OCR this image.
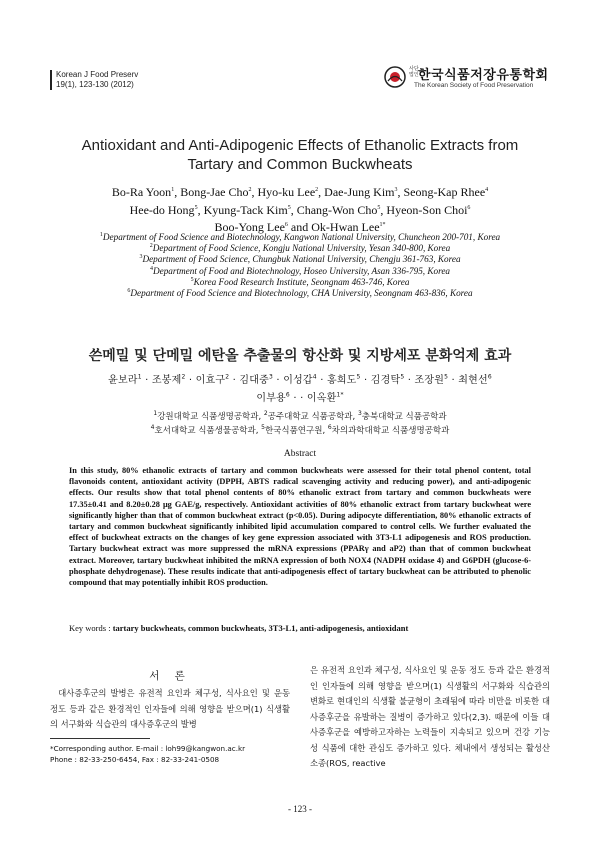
Korean J Food Preserv
19(1), 123-130 (2012)
사단법인 한국식품저장유통학회
The Korean Society of Food Preservation
Antioxidant and Anti-Adipogenic Effects of Ethanolic Extracts from
Tartary and Common Buckwheats
Bo-Ra Yoon$^1$, Bong-Jae Cho$^2$, Hyo-ku Lee$^2$, Dae-Jung Kim$^3$, Seong-Kap Rhee$^4$
Hee-do Hong$^5$, Kyung-Tack Kim$^5$, Chang-Won Cho$^5$, Hyeon-Son Choi$^6$
Boo-Yong Lee$^6$ and Ok-Hwan Lee$^{1*}$
$^1$Department of Food Science and Biotechnology, Kangwon National University, Chuncheon 200-701, Korea
$^2$Department of Food Science, Kongju National University, Yesan 340-800, Korea
$^3$Department of Food Science, Chungbuk National University, Chengju 361-763, Korea
$^4$Department of Food and Biotechnology, Hoseo University, Asan 336-795, Korea
$^5$Korea Food Research Institute, Seongnam 463-746, Korea
$^6$Department of Food Science and Biotechnology, CHA University, Seongnam 463-836, Korea
쓴메밀 및 단메밀 에탄올 추출물의 항산화 및 지방세포 분화억제 효과
윤보라$^1$ · 조봉제$^2$ · 이효구$^2$ · 김대중$^3$ · 이성갑$^4$ · 홍희도$^5$ · 김경탁$^5$ · 조장원$^5$ · 최현선$^6$
이부용$^6$ · · 이옥환$^{1*}$
$^1$강원대학교 식품생명공학과, $^2$공주대학교 식품공학과, $^3$충북대학교 식품공학과
$^4$호서대학교 식품생물공학과, $^5$한국식품연구원, $^6$차의과학대학교 식품생명공학과
Abstract
In this study, 80% ethanolic extracts of tartary and common buckwheats were assessed for their total phenol content, total flavonoids content, antioxidant activity (DPPH, ABTS radical scavenging activity and reducing power), and anti-adipogenic effects. Our results show that total phenol contents of 80% ethanolic extract from tartary and common buckwheats were 17.35±0.41 and 8.20±0.28 μg GAE/g, respectively. Antioxidant activities of 80% ethanolic extract from tartary buckwheat were significantly higher than that of common buckwheat extract (p<0.05). During adipocyte differentiation, 80% ethanolic extracts of tartary and common buckwheat significantly inhibited lipid accumulation compared to control cells. We further evaluated the effect of buckwheat extracts on the changes of key gene expression associated with 3T3-L1 adipogenesis and ROS production. Tartary buckwheat extract was more suppressed the mRNA expressions (PPARγ and aP2) than that of common buckwheat extract. Moreover, tartary buckwheat inhibited the mRNA expression of both NOX4 (NADPH oxidase 4) and G6PDH (glucose-6-phosphate dehydrogenase). These results indicate that anti-adipogenesis effect of tartary buckwheat can be attributed to phenolic compound that may potentially inhibit ROS production.
Key words : tartary buckwheats, common buckwheats, 3T3-L1, anti-adipogenesis, antioxidant
서 론
대사증후군의 발병은 유전적 요인과 체구성, 식사요인 및 운동 정도 등과 같은 환경적인 인자들에 의해 영향을 받으며(1) 식생활의 서구화와 식습관의 대사증후군의 발병
은 유전적 요인과 체구성, 식사요인 및 운동 정도 등과 같은 환경적인 인자들에 의해 영향을 받으며(1) 식생활의 서구화와 식습관의 변화로 현대인의 식생활 불균형이 초래됨에 따라 비만을 비롯한 대사증후군을 유발하는 질병이 증가하고 있다(2,3). 때문에 이들 대사증후군을 예방하고자하는 노력들이 지속되고 있으며 건강 기능성 식품에 대한 관심도 증가하고 있다. 체내에서 생성되는 활성산소종(ROS, reactive
*Corresponding author. E-mail : loh99@kangwon.ac.kr
Phone : 82-33-250-6454, Fax : 82-33-241-0508
- 123 -
